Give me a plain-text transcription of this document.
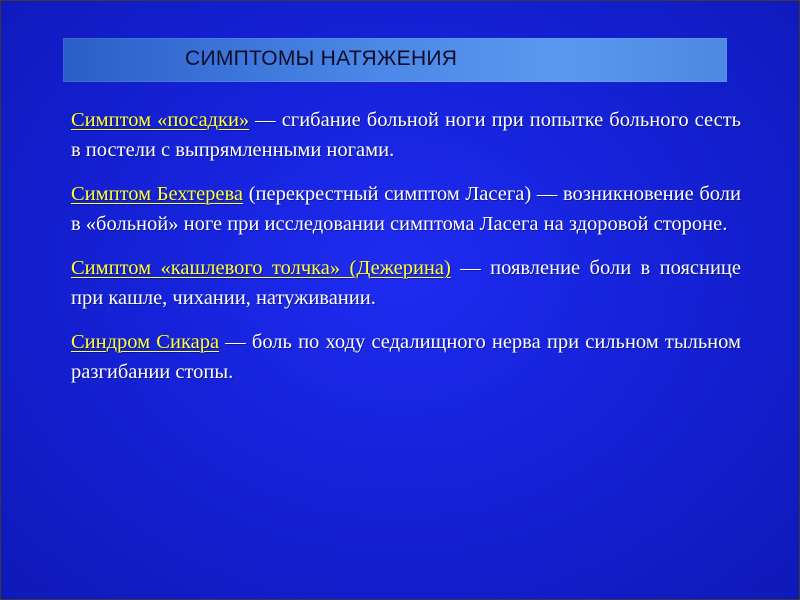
СИМПТОМЫ НАТЯЖЕНИЯ

Симптом «посадки» — сгибание больной ноги при попытке больного сесть в постели с выпрямленными ногами.

Симптом Бехтерева (перекрестный симптом Ласега) — возникновение боли в «больной» ноге при исследовании симптома Ласега на здоровой стороне.

Симптом «кашлевого толчка» (Дежерина) — появление боли в пояснице при кашле, чихании, натуживании.

Синдром Сикара — боль по ходу седалищного нерва при сильном тыльном разгибании стопы.
